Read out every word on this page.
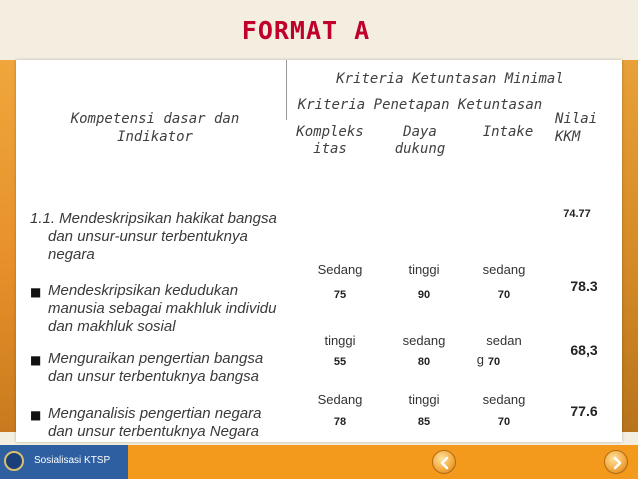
FORMAT A
Kriteria Ketuntasan Minimal
Kriteria Penetapan Ketuntasan
Kompetensi dasar dan
Indikator	Kompleks
itas
Daya
dukung
Intake
Nilai
KKM
1.1. Mendeskripsikan hakikat bangsa
dan unsur-unsur terbentuknya
negara
74.77
■ Mendeskripsikan kedudukan
manusia sebagai makhluk individu
dan makhluk sosial
Sedang
75
tinggi
90
sedang
70
78.3
■ Menguraikan pengertian bangsa
dan unsur terbentuknya bangsa
tinggi
55
sedang
80
sedan
g 70
68,3
■ Menganalisis pengertian negara
dan unsur terbentuknya Negara
Sedang
78
tinggi
85
sedang
70
77.6
Sosialisasi KTSP
